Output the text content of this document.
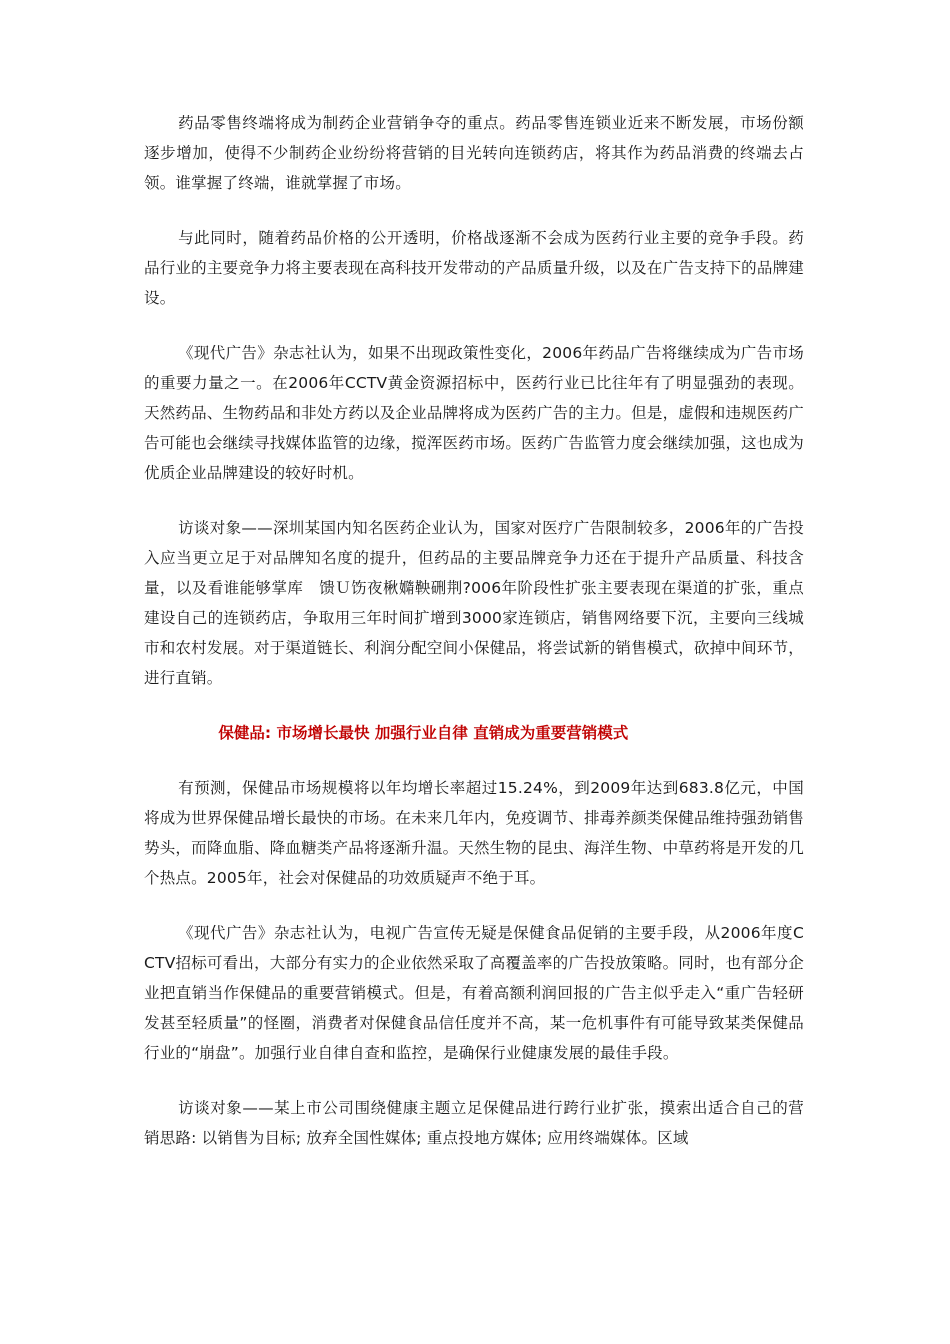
药品零售终端将成为制药企业营销争夺的重点。药品零售连锁业近来不断发展，市场份额逐步增加，使得不少制药企业纷纷将营销的目光转向连锁药店，将其作为药品消费的终端去占领。谁掌握了终端，谁就掌握了市场。

与此同时，随着药品价格的公开透明，价格战逐渐不会成为医药行业主要的竞争手段。药品行业的主要竞争力将主要表现在高科技开发带动的产品质量升级，以及在广告支持下的品牌建设。

《现代广告》杂志社认为，如果不出现政策性变化，2006年药品广告将继续成为广告市场的重要力量之一。在2006年CCTV黄金资源招标中，医药行业已比往年有了明显强劲的表现。天然药品、生物药品和非处方药以及企业品牌将成为医药广告的主力。但是，虚假和违规医药广告可能也会继续寻找媒体监管的边缘，搅浑医药市场。医药广告监管力度会继续加强，这也成为优质企业品牌建设的较好时机。

访谈对象——深圳某国内知名医药企业认为，国家对医疗广告限制较多，2006年的广告投入应当更立足于对品牌知名度的提升，但药品的主要品牌竞争力还在于提升产品质量、科技含量，以及看谁能够掌库　馈Ｕ饬夜楸嫷鞅硎荆?006年阶段性扩张主要表现在渠道的扩张，重点建设自己的连锁药店，争取用三年时间扩增到3000家连锁店，销售网络要下沉，主要向三线城市和农村发展。对于渠道链长、利润分配空间小保健品，将尝试新的销售模式，砍掉中间环节，进行直销。

保健品: 市场增长最快 加强行业自律 直销成为重要营销模式

有预测，保健品市场规模将以年均增长率超过15.24%，到2009年达到683.8亿元，中国将成为世界保健品增长最快的市场。在未来几年内，免疫调节、排毒养颜类保健品维持强劲销售势头，而降血脂、降血糖类产品将逐渐升温。天然生物的昆虫、海洋生物、中草药将是开发的几个热点。2005年，社会对保健品的功效质疑声不绝于耳。

《现代广告》杂志社认为，电视广告宣传无疑是保健食品促销的主要手段，从2006年度CCTV招标可看出，大部分有实力的企业依然采取了高覆盖率的广告投放策略。同时，也有部分企业把直销当作保健品的重要营销模式。但是，有着高额利润回报的广告主似乎走入“重广告轻研发甚至轻质量”的怪圈，消费者对保健食品信任度并不高，某一危机事件有可能导致某类保健品行业的“崩盘”。加强行业自律自查和监控，是确保行业健康发展的最佳手段。

访谈对象——某上市公司围绕健康主题立足保健品进行跨行业扩张，摸索出适合自己的营销思路: 以销售为目标; 放弃全国性媒体; 重点投地方媒体; 应用终端媒体。区域
